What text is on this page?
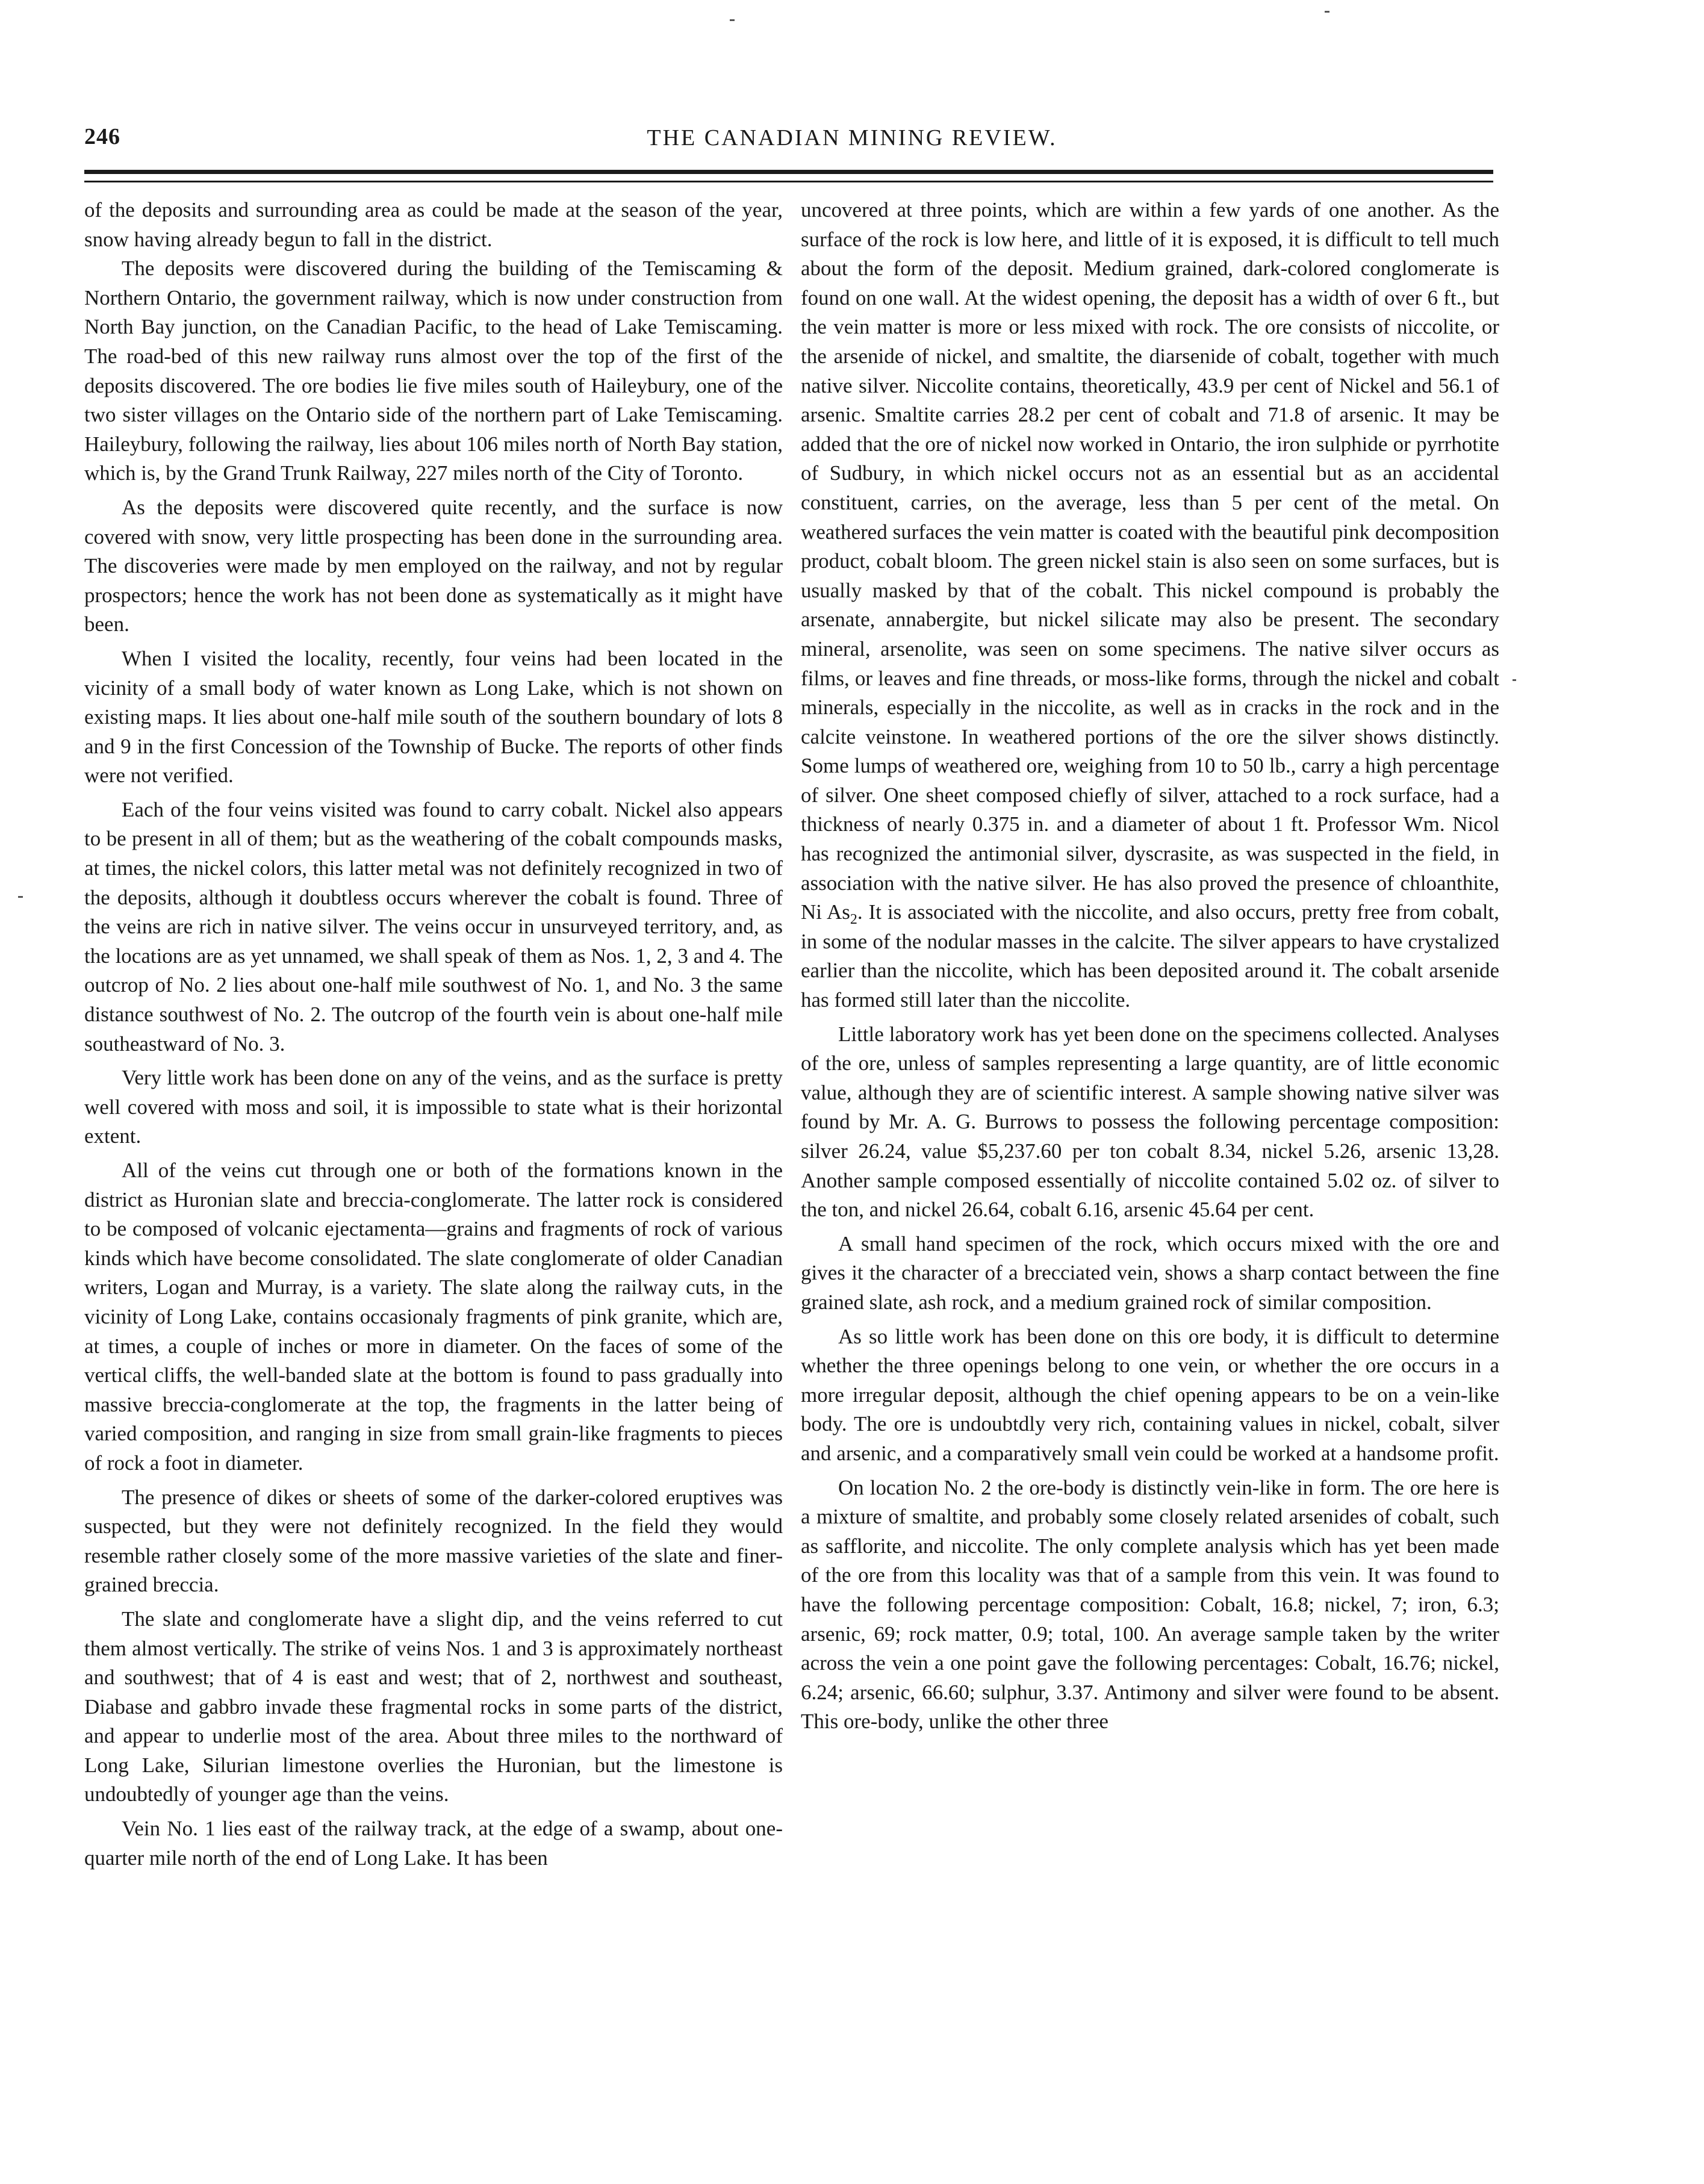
246	THE CANADIAN MINING REVIEW.

of the deposits and surrounding area as could be made at the season of the year, snow having already begun to fall in the district.

The deposits were discovered during the building of the Temiscaming & Northern Ontario, the government railway, which is now under construction from North Bay junction, on the Canadian Pacific, to the head of Lake Temiscaming. The road-bed of this new railway runs almost over the top of the first of the deposits discovered. The ore bodies lie five miles south of Haileybury, one of the two sister villages on the Ontario side of the northern part of Lake Temiscaming. Haileybury, following the railway, lies about 106 miles north of North Bay station, which is, by the Grand Trunk Railway, 227 miles north of the City of Toronto.

As the deposits were discovered quite recently, and the surface is now covered with snow, very little prospecting has been done in the surrounding area. The discoveries were made by men employed on the railway, and not by regular prospectors; hence the work has not been done as systematically as it might have been.

When I visited the locality, recently, four veins had been located in the vicinity of a small body of water known as Long Lake, which is not shown on existing maps. It lies about one-half mile south of the southern boundary of lots 8 and 9 in the first Concession of the Township of Bucke. The reports of other finds were not verified.

Each of the four veins visited was found to carry cobalt. Nickel also appears to be present in all of them; but as the weathering of the cobalt compounds masks, at times, the nickel colors, this latter metal was not definitely recognized in two of the deposits, although it doubtless occurs wherever the cobalt is found. Three of the veins are rich in native silver. The veins occur in unsurveyed territory, and, as the locations are as yet unnamed, we shall speak of them as Nos. 1, 2, 3 and 4. The outcrop of No. 2 lies about one-half mile southwest of No. 1, and No. 3 the same distance southwest of No. 2. The outcrop of the fourth vein is about one-half mile southeastward of No. 3.

Very little work has been done on any of the veins, and as the surface is pretty well covered with moss and soil, it is impossible to state what is their horizontal extent.

All of the veins cut through one or both of the formations known in the district as Huronian slate and breccia-conglomerate. The latter rock is considered to be composed of volcanic ejectamenta—grains and fragments of rock of various kinds which have become consolidated. The slate conglomerate of older Canadian writers, Logan and Murray, is a variety. The slate along the railway cuts, in the vicinity of Long Lake, contains occasionaly fragments of pink granite, which are, at times, a couple of inches or more in diameter. On the faces of some of the vertical cliffs, the well-banded slate at the bottom is found to pass gradually into massive breccia-conglomerate at the top, the fragments in the latter being of varied composition, and ranging in size from small grain-like fragments to pieces of rock a foot in diameter.

The presence of dikes or sheets of some of the darker-colored eruptives was suspected, but they were not definitely recognized. In the field they would resemble rather closely some of the more massive varieties of the slate and finer-grained breccia.

The slate and conglomerate have a slight dip, and the veins referred to cut them almost vertically. The strike of veins Nos. 1 and 3 is approximately northeast and southwest; that of 4 is east and west; that of 2, northwest and southeast, Diabase and gabbro invade these fragmental rocks in some parts of the district, and appear to underlie most of the area. About three miles to the northward of Long Lake, Silurian limestone overlies the Huronian, but the limestone is undoubtedly of younger age than the veins.

Vein No. 1 lies east of the railway track, at the edge of a swamp, about one-quarter mile north of the end of Long Lake. It has been

uncovered at three points, which are within a few yards of one another. As the surface of the rock is low here, and little of it is exposed, it is difficult to tell much about the form of the deposit. Medium grained, dark-colored conglomerate is found on one wall. At the widest opening, the deposit has a width of over 6 ft., but the vein matter is more or less mixed with rock. The ore consists of niccolite, or the arsenide of nickel, and smaltite, the diarsenide of cobalt, together with much native silver. Niccolite contains, theoretically, 43.9 per cent of Nickel and 56.1 of arsenic. Smaltite carries 28.2 per cent of cobalt and 71.8 of arsenic. It may be added that the ore of nickel now worked in Ontario, the iron sulphide or pyrrhotite of Sudbury, in which nickel occurs not as an essential but as an accidental constituent, carries, on the average, less than 5 per cent of the metal. On weathered surfaces the vein matter is coated with the beautiful pink decomposition product, cobalt bloom. The green nickel stain is also seen on some surfaces, but is usually masked by that of the cobalt. This nickel compound is probably the arsenate, annabergite, but nickel silicate may also be present. The secondary mineral, arsenolite, was seen on some specimens. The native silver occurs as films, or leaves and fine threads, or moss-like forms, through the nickel and cobalt minerals, especially in the niccolite, as well as in cracks in the rock and in the calcite veinstone. In weathered portions of the ore the silver shows distinctly. Some lumps of weathered ore, weighing from 10 to 50 lb., carry a high percentage of silver. One sheet composed chiefly of silver, attached to a rock surface, had a thickness of nearly 0.375 in. and a diameter of about 1 ft. Professor Wm. Nicol has recognized the antimonial silver, dyscrasite, as was suspected in the field, in association with the native silver. He has also proved the presence of chloanthite, Ni $As_2$. It is associated with the niccolite, and also occurs, pretty free from cobalt, in some of the nodular masses in the calcite. The silver appears to have crystalized earlier than the niccolite, which has been deposited around it. The cobalt arsenide has formed still later than the niccolite.

Little laboratory work has yet been done on the specimens collected. Analyses of the ore, unless of samples representing a large quantity, are of little economic value, although they are of scientific interest. A sample showing native silver was found by Mr. A. G. Burrows to possess the following percentage composition: silver 26.24, value $5,237.60 per ton cobalt 8.34, nickel 5.26, arsenic 13,28. Another sample composed essentially of niccolite contained 5.02 oz. of silver to the ton, and nickel 26.64, cobalt 6.16, arsenic 45.64 per cent.

A small hand specimen of the rock, which occurs mixed with the ore and gives it the character of a brecciated vein, shows a sharp contact between the fine grained slate, ash rock, and a medium grained rock of similar composition.

As so little work has been done on this ore body, it is difficult to determine whether the three openings belong to one vein, or whether the ore occurs in a more irregular deposit, although the chief opening appears to be on a vein-like body. The ore is undoubtdly very rich, containing values in nickel, cobalt, silver and arsenic, and a comparatively small vein could be worked at a handsome profit.

On location No. 2 the ore-body is distinctly vein-like in form. The ore here is a mixture of smaltite, and probably some closely related arsenides of cobalt, such as safflorite, and niccolite. The only complete analysis which has yet been made of the ore from this locality was that of a sample from this vein. It was found to have the following percentage composition: Cobalt, 16.8; nickel, 7; iron, 6.3; arsenic, 69; rock matter, 0.9; total, 100. An average sample taken by the writer across the vein a one point gave the following percentages: Cobalt, 16.76; nickel, 6.24; arsenic, 66.60; sulphur, 3.37. Antimony and silver were found to be absent. This ore-body, unlike the other three
